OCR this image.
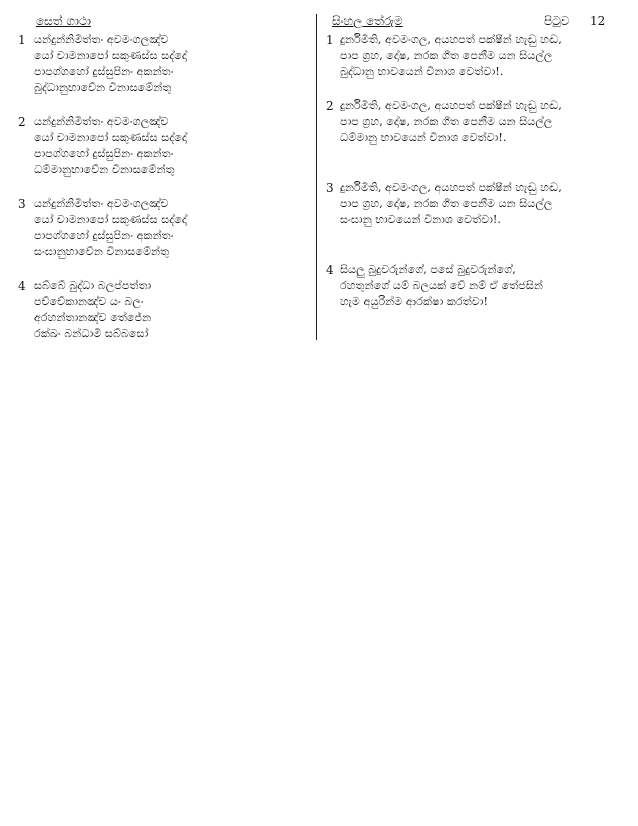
සෙත් ගාථා
1 යන්දුන්නිමිත්තං අවමංගලඤ්ච
යෝ චාමනාපෝ සකුණස්ස සද්දෝ
පාපග්ගහෝ දුස්සුපිනං අකන්තං
බුද්ධානුභාවේන විනාසමේන්තු
2 යන්දුන්නිමිත්තං අවමංගලඤ්ච
යෝ චාමනාපෝ සකුණස්ස සද්දෝ
පාපග්ගහෝ දුස්සුපිනං අකන්තං
ධම්මානුභාවේන විනාසමේන්තු
3 යන්දුන්නිමිත්තං අවමංගලඤ්ච
යෝ චාමනාපෝ සකුණස්ස සද්දෝ
පාපග්ගහෝ දුස්සුපිනං අකන්තං
සංඝානුභාවේන විනාසමේන්තු
4 සබ්බේ බුද්ධා බලප්පත්තා
පච්චේකානඤ්ච යං බලං
අරහන්තානඤ්ච තේජේන
රක්ඛං බන්ධාමි සබ්බසෝ
සිංහල තේරුම	පිටුව 12
1 දුර්නිමිති, අවමංගල, අයහපත් පක්ෂීන් හැඬු හඬ,
පාප ග්‍රහ, දෝෂ, නරක ගීත පෙනීම යන සියල්ල
බුද්ධානු භාවයෙන් විනාශ වෙත්වා!.
2 දුර්නිමිති, අවමංගල, අයහපත් පක්ෂීන් හැඬු හඬ,
පාප ග්‍රහ, දෝෂ, නරක ගීත පෙනීම යන සියල්ල
ධම්මානු භාවයෙන් විනාශ වෙත්වා!.
3 දුර්නිමිති, අවමංගල, අයහපත් පක්ෂීන් හැඬු හඬ,
පාප ග්‍රහ, දෝෂ, නරක ගීත පෙනීම යන සියල්ල
සංඝානු භාවයෙන් විනාශ වෙත්වා!.
4 සියලු බුදුවරුන්ගේ, පසේ බුදුවරුන්ගේ,
රහතුන්ගේ යම් බලයක් වේ නම් ඒ තේජසින්
හැම අයුරින්ම ආරක්ෂා කරත්වා!
